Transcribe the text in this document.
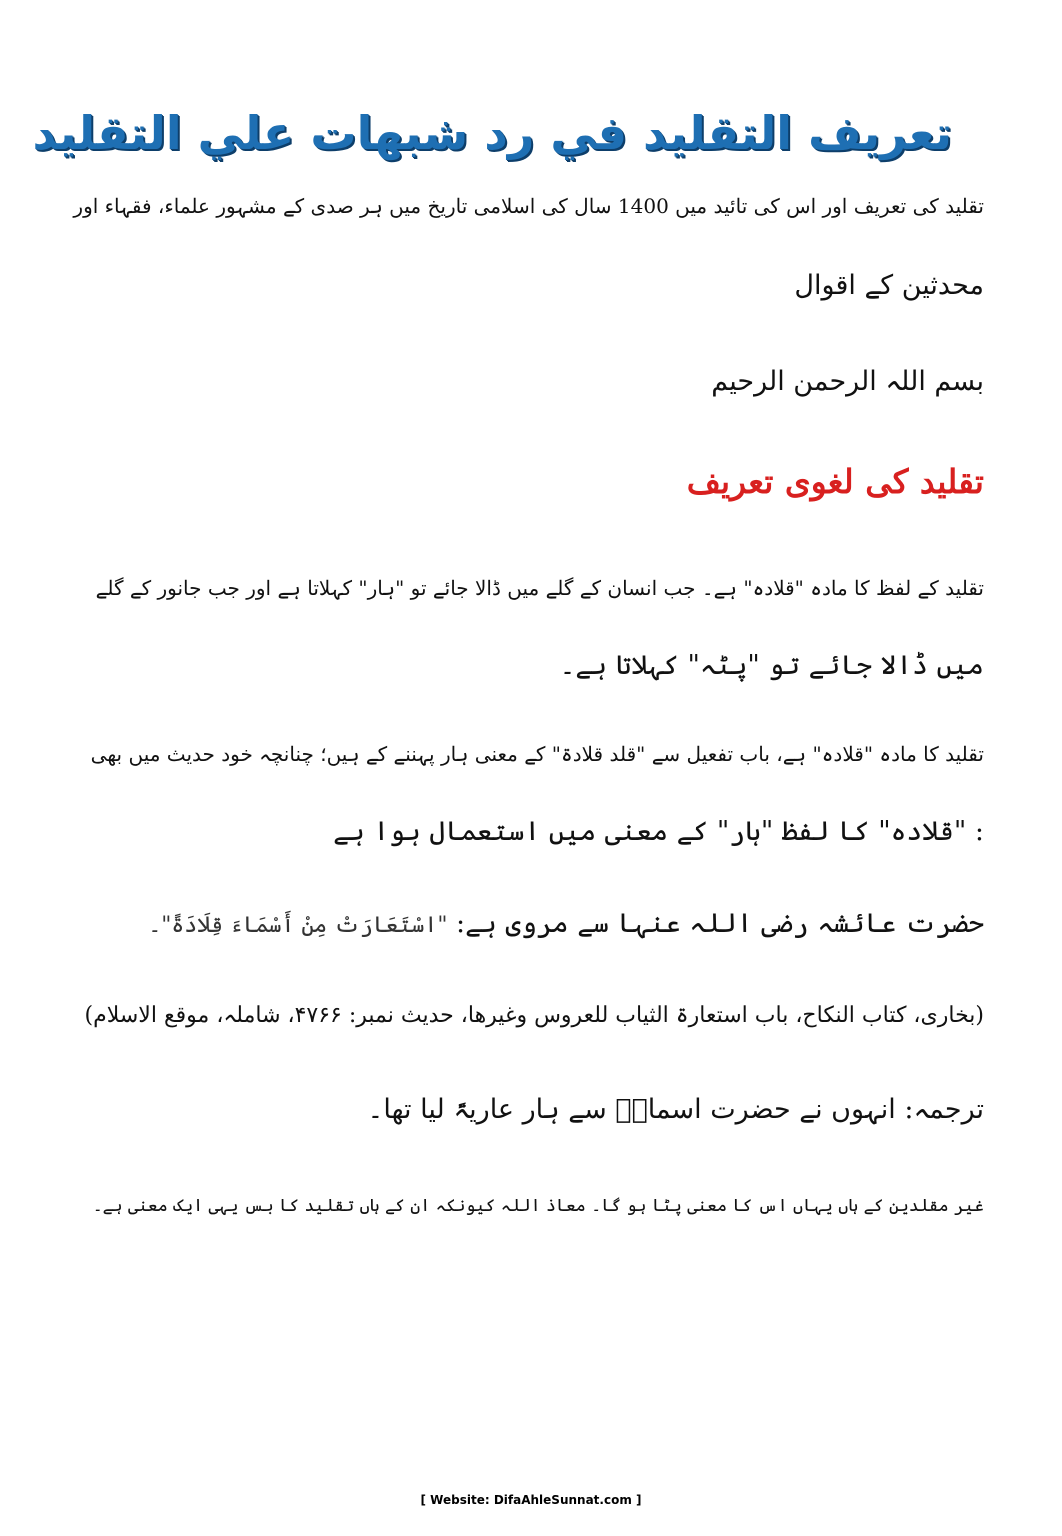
تعريف التقليد في رد شبهات علي التقليد
تقلید کی تعریف اور اس کی تائید میں 1400 سال کی اسلامی تاریخ میں ہر صدی کے مشہور علماء، فقہاء اور
محدثین کے اقوال
بسم اللہ الرحمن الرحیم
تقلید کی لغوی تعریف
تقلید کے لفظ کا مادہ "قلادہ" ہے۔ جب انسان کے گلے میں ڈالا جائے تو "ہار" کہلاتا ہے اور جب جانور کے گلے
میں ڈالا جائے تو "پٹہ" کہلاتا ہے۔
تقلید کا مادہ "قلادہ" ہے، باب تفعیل سے "قلد قلادۃ" کے معنی ہار پہننے کے ہیں؛ چنانچہ خود حدیث میں بھی
: "قلادہ" کا لفظ "ہار" کے معنی میں استعمال ہوا ہے
حضرت عائشہ رضی اللہ عنہا سے مروی ہے: "اسْتَعَارَتْ مِنْ أَسْمَاءَ قِلَادَةً"۔
(بخاری، کتاب النکاح، باب استعارۃ الثیاب للعروس وغیرھا، حدیث نمبر: ۴۷۶۶، شاملہ، موقع الاسلام)
ترجمہ: انہوں نے حضرت اسماءؓ سے ہار عاریۃً لیا تھا۔
غیر مقلدین کے ہاں یہاں اس کا معنی پٹا ہو گا۔ معاذ اللہ کیونکہ ان کے ہاں تقلید کا بس یہی ایک معنی ہے۔
[ Website: DifaAhleSunnat.com ]
